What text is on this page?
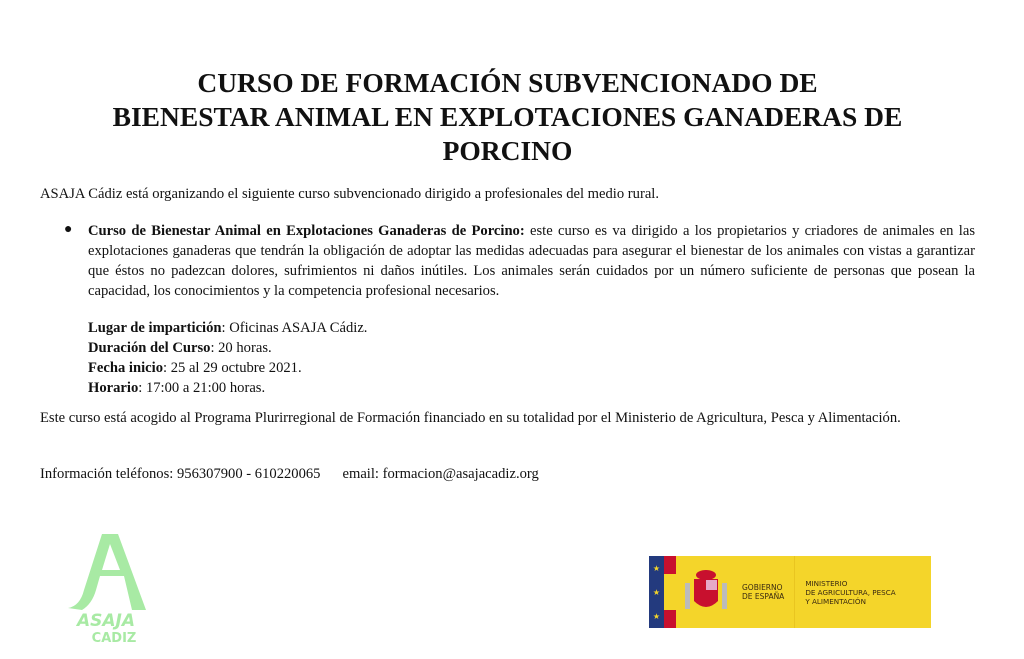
CURSO DE FORMACIÓN SUBVENCIONADO DE
BIENESTAR ANIMAL EN EXPLOTACIONES GANADERAS DE
PORCINO
ASAJA Cádiz está organizando el siguiente curso subvencionado dirigido a profesionales del medio rural.
● Curso de Bienestar Animal en Explotaciones Ganaderas de Porcino: este curso es va dirigido a los propietarios y criadores de animales en las explotaciones ganaderas que tendrán la obligación de adoptar las medidas adecuadas para asegurar el bienestar de los animales con vistas a garantizar que éstos no padezcan dolores, sufrimientos ni daños inútiles. Los animales serán cuidados por un número suficiente de personas que posean la capacidad, los conocimientos y la competencia profesional necesarios.
Lugar de impartición: Oficinas ASAJA Cádiz.
Duración del Curso: 20 horas.
Fecha inicio: 25 al 29 octubre 2021.
Horario: 17:00 a 21:00 horas.
Este curso está acogido al Programa Plurirregional de Formación financiado en su totalidad por el Ministerio de Agricultura, Pesca y Alimentación.
Información teléfonos: 956307900 - 610220065 email: formacion@asajacadiz.org
ASAJA
CADIZ
★
★
★
GOBIERNO
DE ESPAÑA
MINISTERIO
DE AGRICULTURA, PESCA
Y ALIMENTACIÓN
